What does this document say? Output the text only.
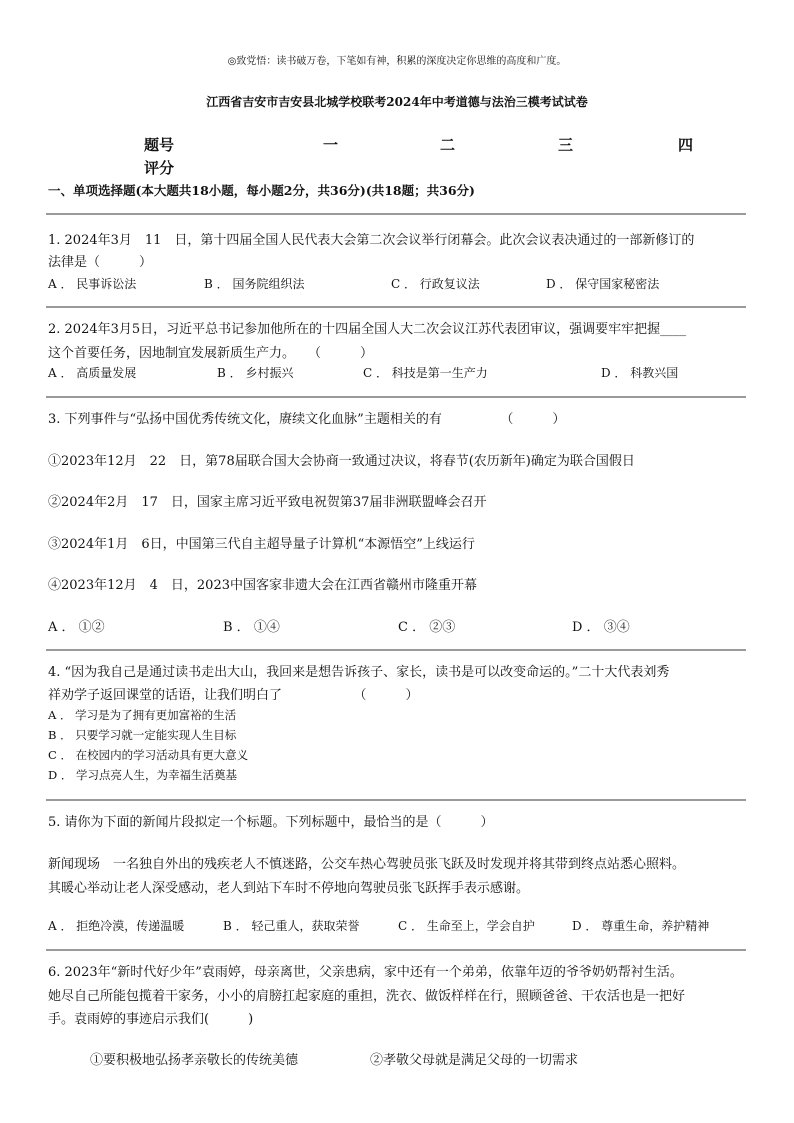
◎致党悟：读书破万卷，下笔如有神，积累的深度决定你思维的高度和广度。
江西省吉安市吉安县北城学校联考2024年中考道德与法治三模考试试卷
题号	一	二	三	四
评分
一、单项选择题(本大题共18小题，每小题2分，共36分)(共18题；共36分)
1. 2024年3月　11　日，第十四届全国人民代表大会第二次会议举行闭幕会。此次会议表决通过的一部新修订的
法律是（　　　）
A ． 民事诉讼法	B ． 国务院组织法	C ． 行政复议法	D ． 保守国家秘密法
2. 2024年3月5日，习近平总书记参加他所在的十四届全国人大二次会议江苏代表团审议，强调要牢牢把握____
这个首要任务，因地制宜发展新质生产力。　　（　　　）
A ． 高质量发展	B ． 乡村振兴	C ． 科技是第一生产力	D ． 科教兴国
3. 下列事件与“弘扬中国优秀传统文化，赓续文化血脉”主题相关的有　　　　　（　　　）
①2023年12月　22　日，第78届联合国大会协商一致通过决议，将春节(农历新年)确定为联合国假日
②2024年2月　17　日，国家主席习近平致电祝贺第37届非洲联盟峰会召开
③2024年1月　6日，中国第三代自主超导量子计算机“本源悟空”上线运行
④2023年12月　4　日，2023中国客家非遗大会在江西省赣州市隆重开幕
A ． ①②	B ． ①④	C ． ②③	D ． ③④
4. “因为我自己是通过读书走出大山，我回来是想告诉孩子、家长，读书是可以改变命运的。”二十大代表刘秀
祥劝学子返回课堂的话语，让我们明白了　　　　　　（　　　）
A ． 学习是为了拥有更加富裕的生活
B ． 只要学习就一定能实现人生目标
C ． 在校园内的学习活动具有更大意义
D ． 学习点亮人生，为幸福生活奠基
5. 请你为下面的新闻片段拟定一个标题。下列标题中，最恰当的是（　　　）
新闻现场　一名独自外出的残疾老人不慎迷路，公交车热心驾驶员张飞跃及时发现并将其带到终点站悉心照料。
其暖心举动让老人深受感动，老人到站下车时不停地向驾驶员张飞跃挥手表示感谢。
A ． 拒绝冷漠，传递温暖	B ． 轻己重人，获取荣誉	C ． 生命至上，学会自护	D ． 尊重生命，养护精神
6. 2023年“新时代好少年”袁雨婷，母亲离世，父亲患病，家中还有一个弟弟，依靠年迈的爷爷奶奶帮衬生活。
她尽自己所能包揽着干家务，小小的肩膀扛起家庭的重担，洗衣、做饭样样在行，照顾爸爸、干农活也是一把好
手。袁雨婷的事迹启示我们(　　　)
①要积极地弘扬孝亲敬长的传统美德	②孝敬父母就是满足父母的一切需求
